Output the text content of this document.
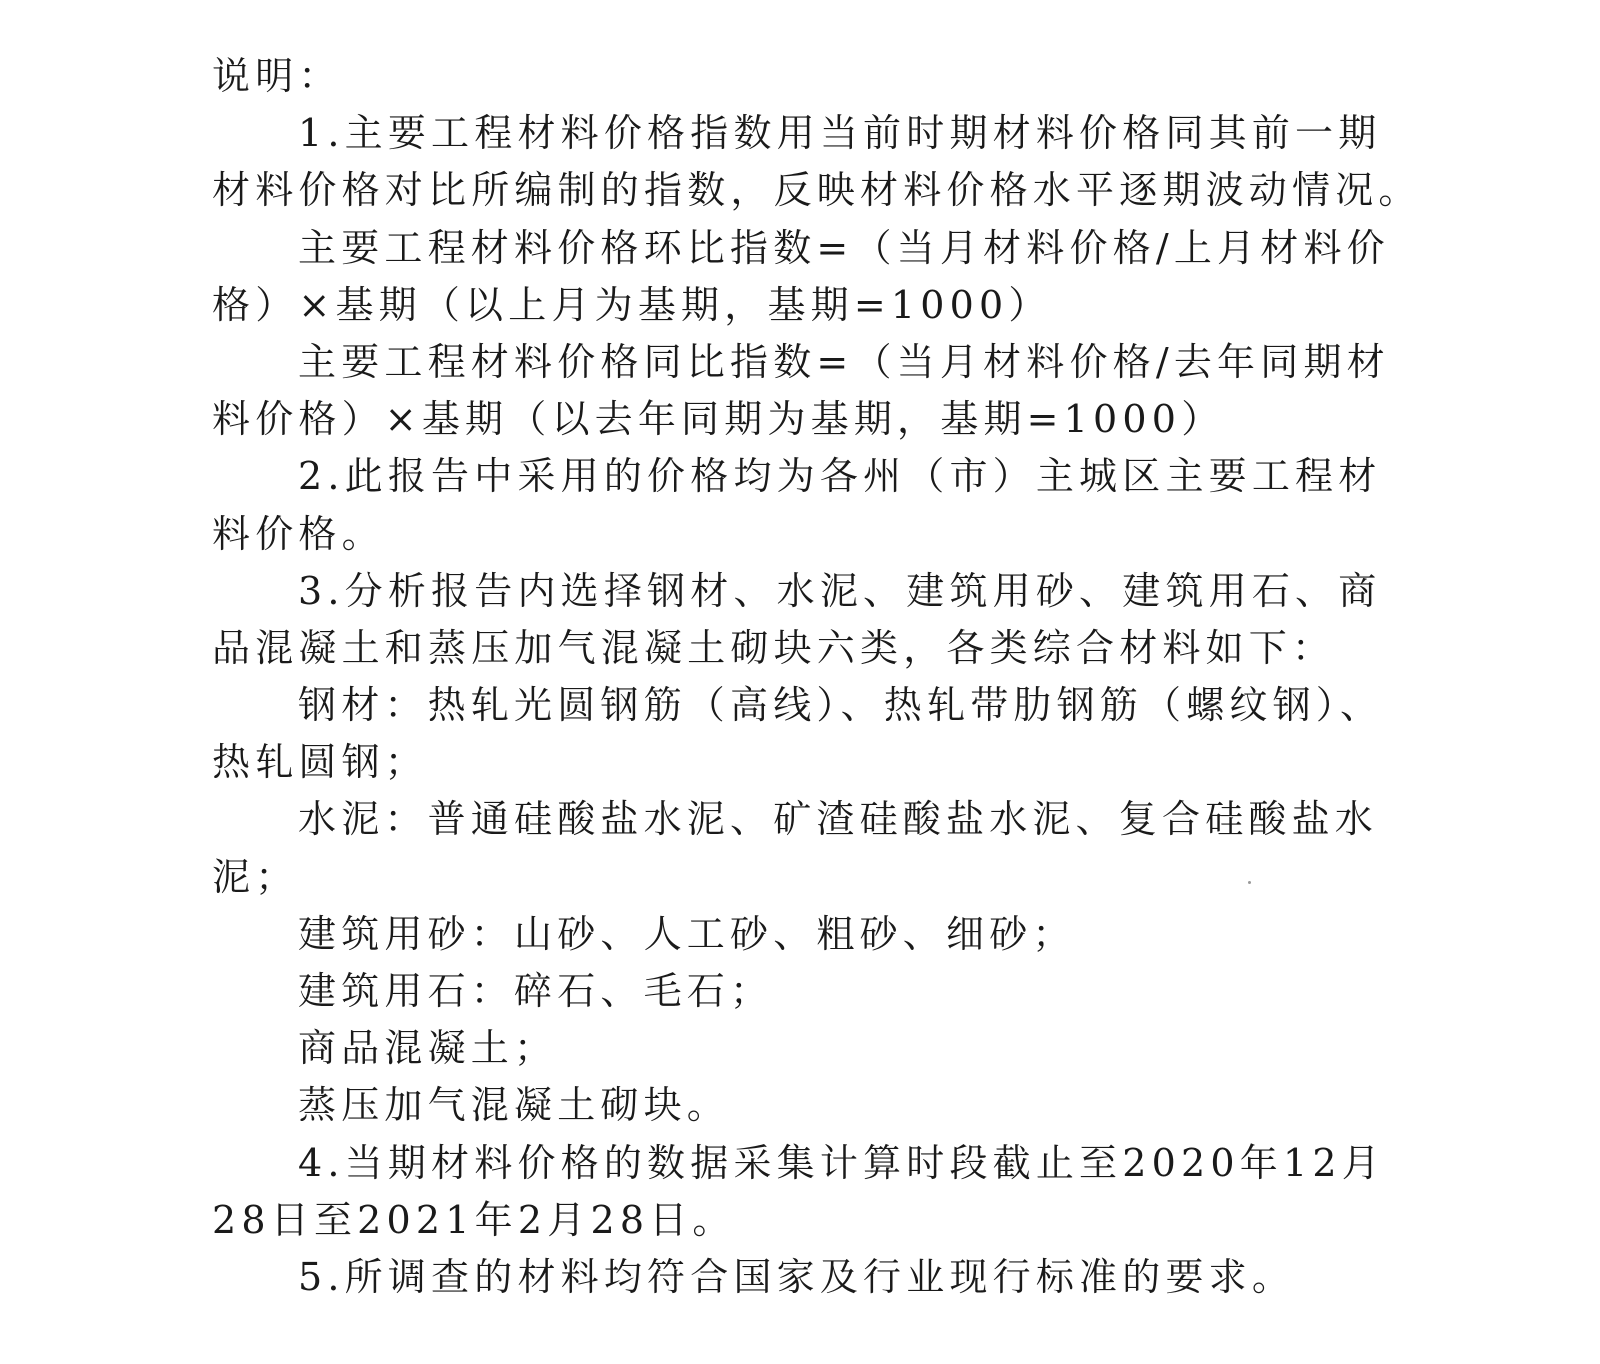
说明：
1.主要工程材料价格指数用当前时期材料价格同其前一期
材料价格对比所编制的指数，反映材料价格水平逐期波动情况。
主要工程材料价格环比指数=（当月材料价格/上月材料价
格）×基期（以上月为基期，基期=1000）
主要工程材料价格同比指数=（当月材料价格/去年同期材
料价格）×基期（以去年同期为基期，基期=1000）
2.此报告中采用的价格均为各州（市）主城区主要工程材
料价格。
3.分析报告内选择钢材、水泥、建筑用砂、建筑用石、商
品混凝土和蒸压加气混凝土砌块六类，各类综合材料如下：
钢材：热轧光圆钢筋（高线）、热轧带肋钢筋（螺纹钢）、
热轧圆钢；
水泥：普通硅酸盐水泥、矿渣硅酸盐水泥、复合硅酸盐水
泥；
建筑用砂：山砂、人工砂、粗砂、细砂；
建筑用石：碎石、毛石；
商品混凝土；
蒸压加气混凝土砌块。
4.当期材料价格的数据采集计算时段截止至2020年12月
28日至2021年2月28日。
5.所调查的材料均符合国家及行业现行标准的要求。
